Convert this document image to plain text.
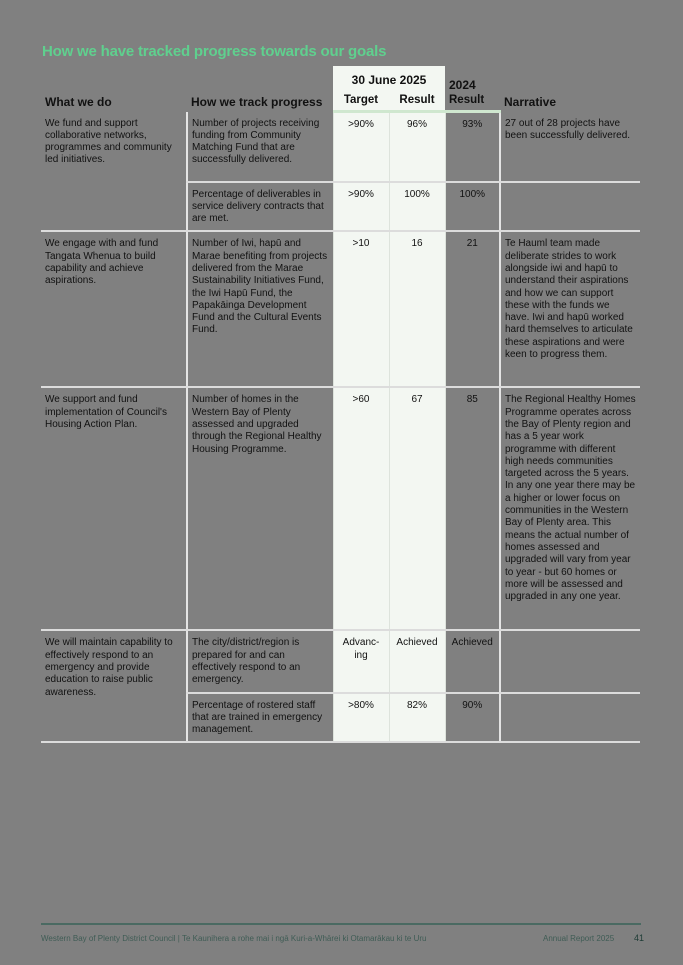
How we have tracked progress towards our goals
What we do	How we track progress	30 June 2025		2024	Narrative
		Target	Result	Result	
We fund and support collaborative networks, programmes and community led initiatives.	Number of projects receiving funding from Community Matching Fund that are successfully delivered.	>90%	96%	93%	27 out of 28 projects have been successfully delivered.
	Percentage of deliverables in service delivery contracts that are met.	>90%	100%	100%	
We engage with and fund Tangata Whenua to build capability and achieve aspirations.	Number of Iwi, hapū and Marae benefiting from projects delivered from the Marae Sustainability Initiatives Fund, the Iwi Hapū Fund, the Papakāinga Development Fund and the Cultural Events Fund.	>10	16	21	Te Hauml team made deliberate strides to work alongside iwi and hapū to understand their aspirations and how we can support these with the funds we have. Iwi and hapū worked hard themselves to articulate these aspirations and were keen to progress them.
We support and fund implementation of Council's Housing Action Plan.	Number of homes in the Western Bay of Plenty assessed and upgraded through the Regional Healthy Housing Programme.	>60	67	85	The Regional Healthy Homes Programme operates across the Bay of Plenty region and has a 5 year work programme with different high needs communities targeted across the 5 years. In any one year there may be a higher or lower focus on communities in the Western Bay of Plenty area. This means the actual number of homes assessed and upgraded will vary from year to year - but 60 homes or more will be assessed and upgraded in any one year.
We will maintain capability to effectively respond to an emergency and provide education to raise public awareness.	The city/district/region is prepared for and can effectively respond to an emergency.	Advanc-ing	Achieved	Achieved	
	Percentage of rostered staff that are trained in emergency management.	>80%	82%	90%	
Western Bay of Plenty District Council | Te Kaunihera a rohe mai i ngā Kuri-a-Whārei ki Otamarākau ki te Uru	Annual Report 2025 41
